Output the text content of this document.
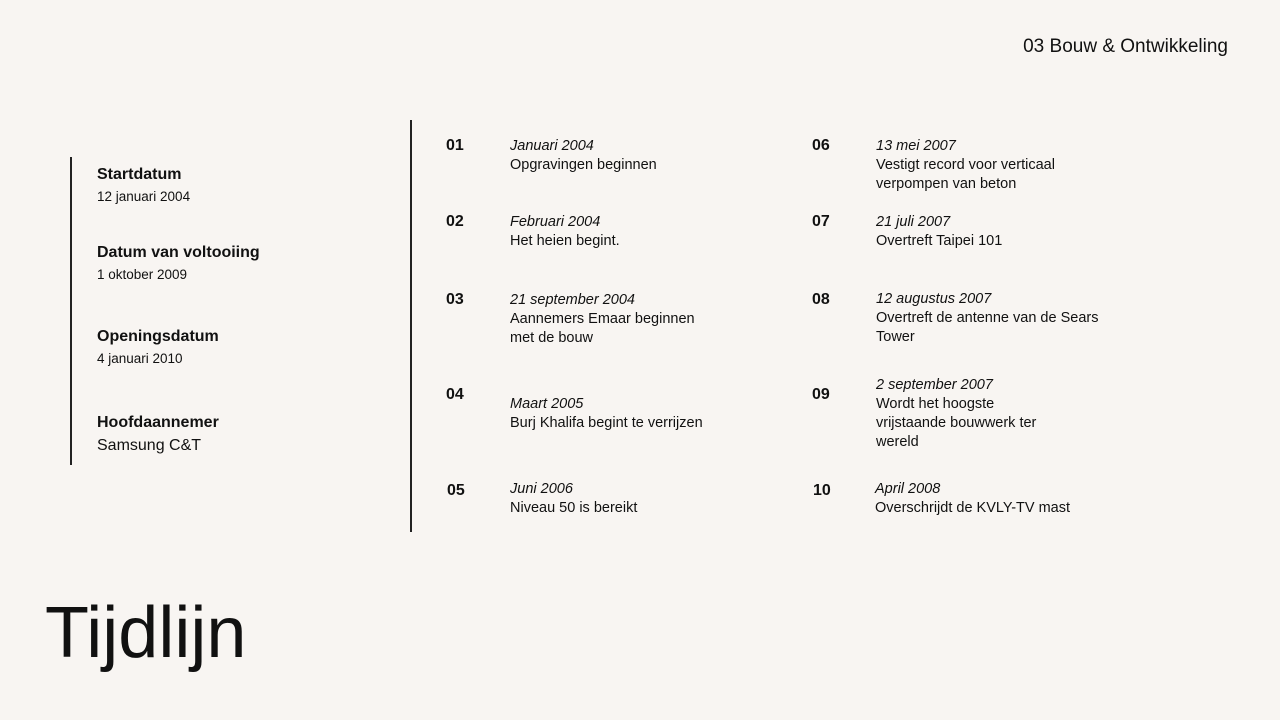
03 Bouw & Ontwikkeling
Startdatum
12 januari 2004
Datum van voltooiing
1 oktober 2009
Openingsdatum
4 januari 2010
Hoofdaannemer
Samsung C&T
01	Januari 2004
Opgravingen beginnen
02	Februari 2004
Het heien begint.
03	21 september 2004
Aannemers Emaar beginnen met de bouw
04
Maart 2005
Burj Khalifa begint te verrijzen
05	Juni 2006
Niveau 50 is bereikt
06	13 mei 2007
Vestigt record voor verticaal verpompen van beton
07	21 juli 2007
Overtreft Taipei 101
08	12 augustus 2007
Overtreft de antenne van de Sears Tower
09
2 september 2007
Wordt het hoogste vrijstaande bouwwerk ter wereld
10	April 2008
Overschrijdt de KVLY-TV mast
Tijdlijn
